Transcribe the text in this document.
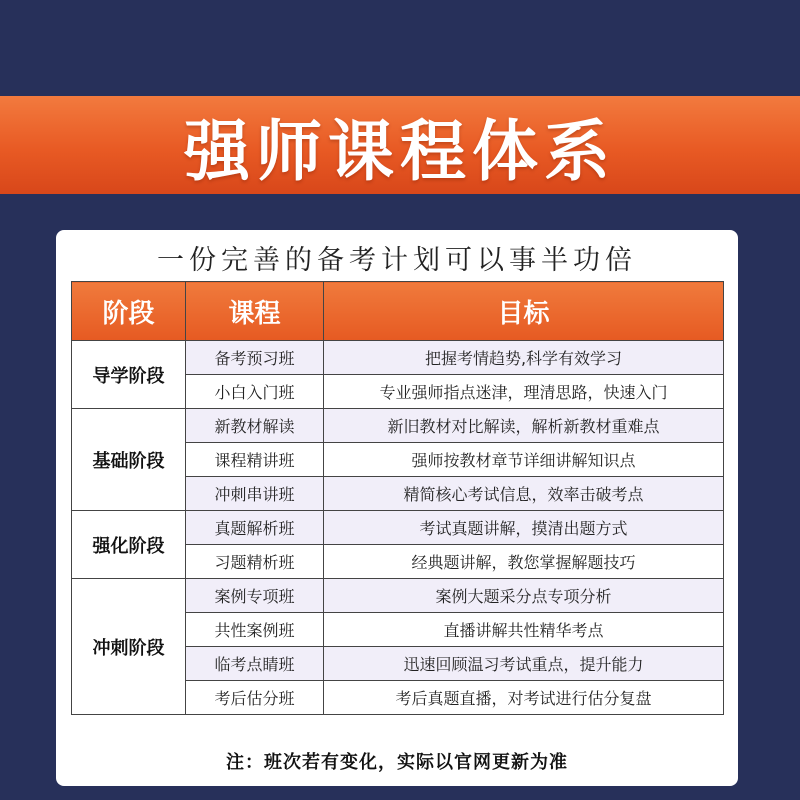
强师课程体系
一份完善的备考计划可以事半功倍
阶段	课程	目标
导学阶段	备考预习班	把握考情趋势,科学有效学习
	小白入门班	专业强师指点迷津，理清思路，快速入门
基础阶段	新教材解读	新旧教材对比解读，解析新教材重难点
	课程精讲班	强师按教材章节详细讲解知识点
	冲刺串讲班	精简核心考试信息，效率击破考点
强化阶段	真题解析班	考试真题讲解，摸清出题方式
	习题精析班	经典题讲解，教您掌握解题技巧
冲刺阶段	案例专项班	案例大题采分点专项分析
	共性案例班	直播讲解共性精华考点
	临考点睛班	迅速回顾温习考试重点，提升能力
	考后估分班	考后真题直播，对考试进行估分复盘
注：班次若有变化，实际以官网更新为准
